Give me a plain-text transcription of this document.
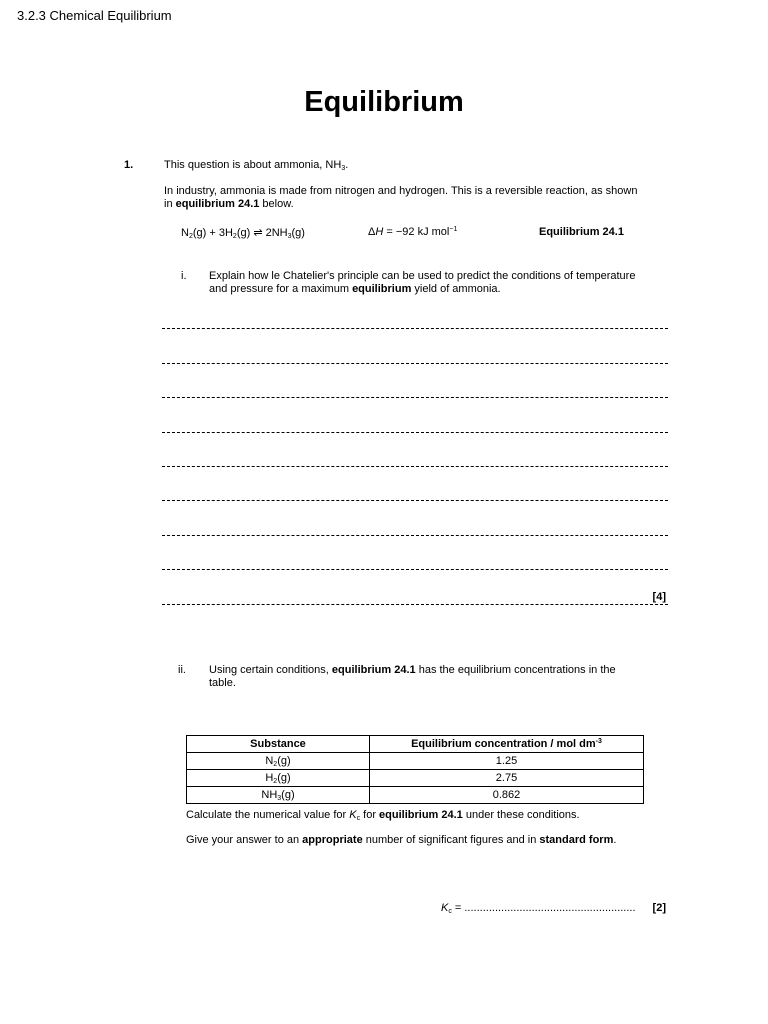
3.2.3 Chemical Equilibrium
Equilibrium
1.	This question is about ammonia, $NH_3$.
In industry, ammonia is made from nitrogen and hydrogen. This is a reversible reaction, as shown
in equilibrium 24.1 below.
$N_2(g) + 3H_2(g)$ ⇌ $2NH_3(g)$	ΔH = −92 kJ mol$^{-1}$	Equilibrium 24.1
i. Explain how le Chatelier's principle can be used to predict the conditions of temperature
and pressure for a maximum equilibrium yield of ammonia.
[4]
ii. Using certain conditions, equilibrium 24.1 has the equilibrium concentrations in the
table.
Substance	Equilibrium concentration / mol $dm^{-3}$
$N_2(g)$	1.25
$H_2(g)$	2.75
$NH_3(g)$	0.862
Calculate the numerical value for $K_c$ for equilibrium 24.1 under these conditions.
Give your answer to an appropriate number of significant figures and in standard form.
$K_c$ = ........................................................ [2]
